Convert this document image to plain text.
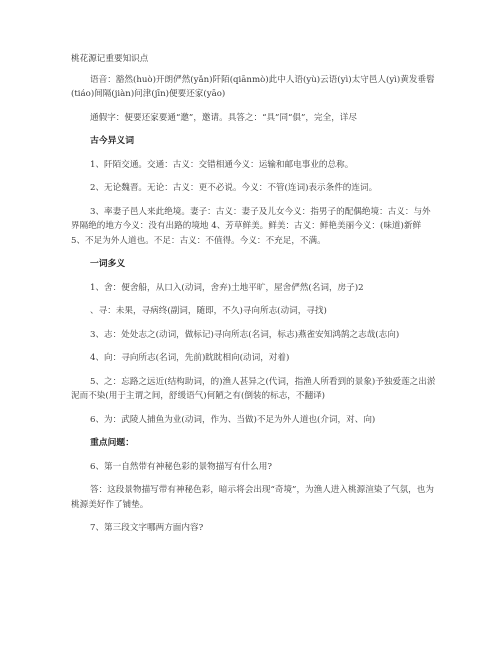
桃花源记重要知识点

语音：豁然(huò)开朗俨然(yǎn)阡陌(qiānmò)此中人语(yù)云语(yì)太守邑人(yì)黄发垂髫(tiáo)间隔(jiàn)问津(jīn)便要还家(yāo)

通假字：便要还家要通“邀”，邀请。具答之：“具”同“俱”，完全，详尽

古今异义词

1、阡陌交通。交通：古义：交错相通今义：运输和邮电事业的总称。

2、无论魏晋。无论：古义：更不必说。今义：不管(连词)表示条件的连词。

3、率妻子邑人来此绝境。妻子：古义：妻子及儿女今义：指男子的配偶绝境：古义：与外界隔绝的地方今义：没有出路的境地 4、芳草鲜美。鲜美：古义：鲜艳美丽今义：(味道)新鲜 5、不足为外人道也。不足：古义：不值得。今义：不充足，不满。

一词多义

1、舍：便舍船，从口入(动词，舍弃)土地平旷，屋舍俨然(名词，房子)2

、寻：未果，寻病终(副词，随即，不久)寻向所志(动词，寻找)

3、志：处处志之(动词，做标记)寻向所志(名词，标志)燕雀安知鸿鹄之志哉(志向)

4、向：寻向所志(名词，先前)眈眈相向(动词，对着)

5、之：忘路之远近(结构助词，的)渔人甚异之(代词，指渔人所看到的景象)予独爱莲之出淤泥而不染(用于主谓之间，舒缓语气)何陋之有(倒装的标志，不翻译)

6、为：武陵人捕鱼为业(动词，作为、当做)不足为外人道也(介词，对、向)

重点问题：

6、第一自然带有神秘色彩的景物描写有什么用?

答：这段景物描写带有神秘色彩，暗示将会出现“奇境”，为渔人进入桃源渲染了气氛，也为桃源美好作了铺垫。

7、第三段文字哪两方面内容?
